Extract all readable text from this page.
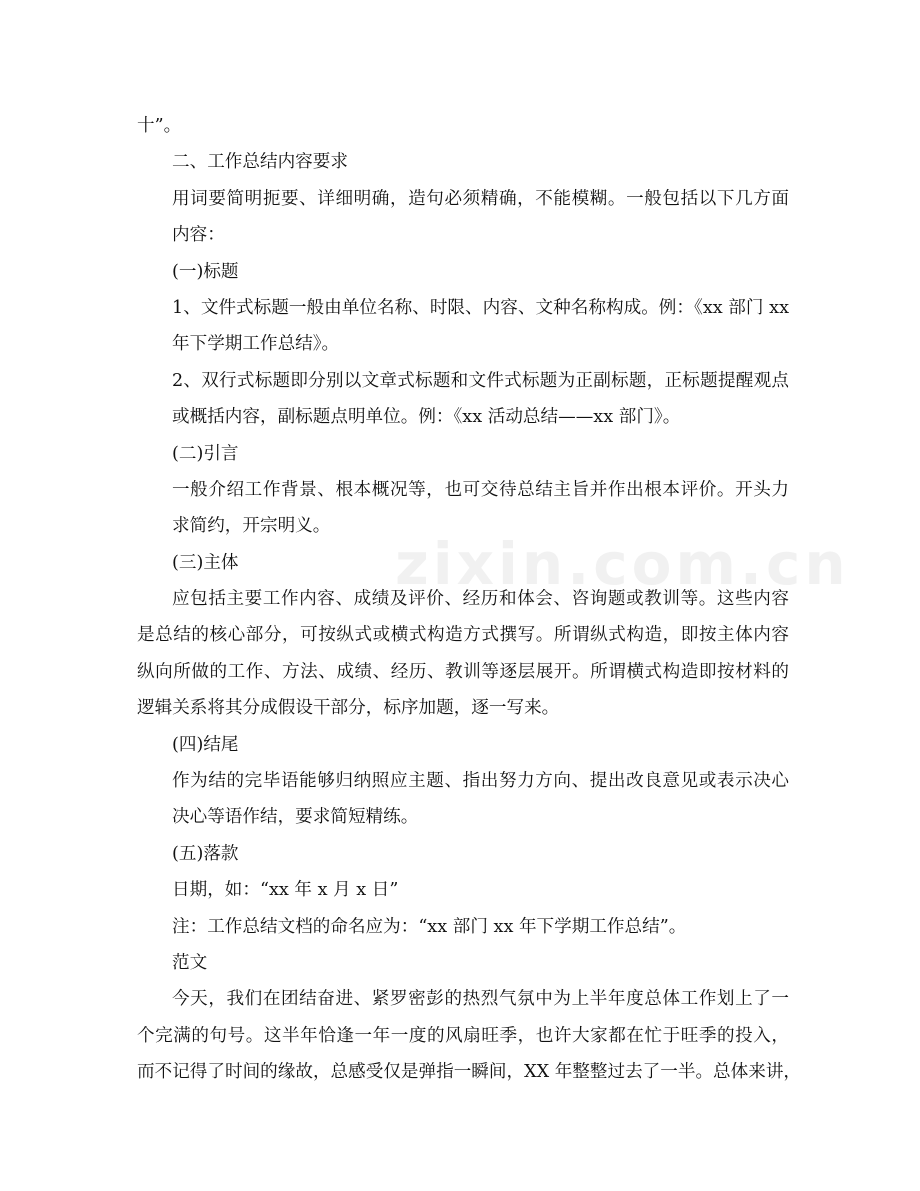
zixin.com.cn
十”。
二、工作总结内容要求
用词要简明扼要、详细明确，造句必须精确，不能模糊。一般包括以下几方面
内容：
(一)标题
1、文件式标题一般由单位名称、时限、内容、文种名称构成。例：《xx 部门 xx
年下学期工作总结》。
2、双行式标题即分别以文章式标题和文件式标题为正副标题，正标题提醒观点
或概括内容，副标题点明单位。例：《xx 活动总结——xx 部门》。
(二)引言
一般介绍工作背景、根本概况等，也可交待总结主旨并作出根本评价。开头力
求简约，开宗明义。
(三)主体
应包括主要工作内容、成绩及评价、经历和体会、咨询题或教训等。这些内容
是总结的核心部分，可按纵式或横式构造方式撰写。所谓纵式构造，即按主体内容
纵向所做的工作、方法、成绩、经历、教训等逐层展开。所谓横式构造即按材料的
逻辑关系将其分成假设干部分，标序加题，逐一写来。
(四)结尾
作为结的完毕语能够归纳照应主题、指出努力方向、提出改良意见或表示决心
决心等语作结，要求简短精练。
(五)落款
日期，如：“xx 年 x 月 x 日”
注：工作总结文档的命名应为：“xx 部门 xx 年下学期工作总结”。
范文
今天，我们在团结奋进、紧罗密彭的热烈气氛中为上半年度总体工作划上了一
个完满的句号。这半年恰逢一年一度的风扇旺季，也许大家都在忙于旺季的投入，
而不记得了时间的缘故，总感受仅是弹指一瞬间，XX 年整整过去了一半。总体来讲，
